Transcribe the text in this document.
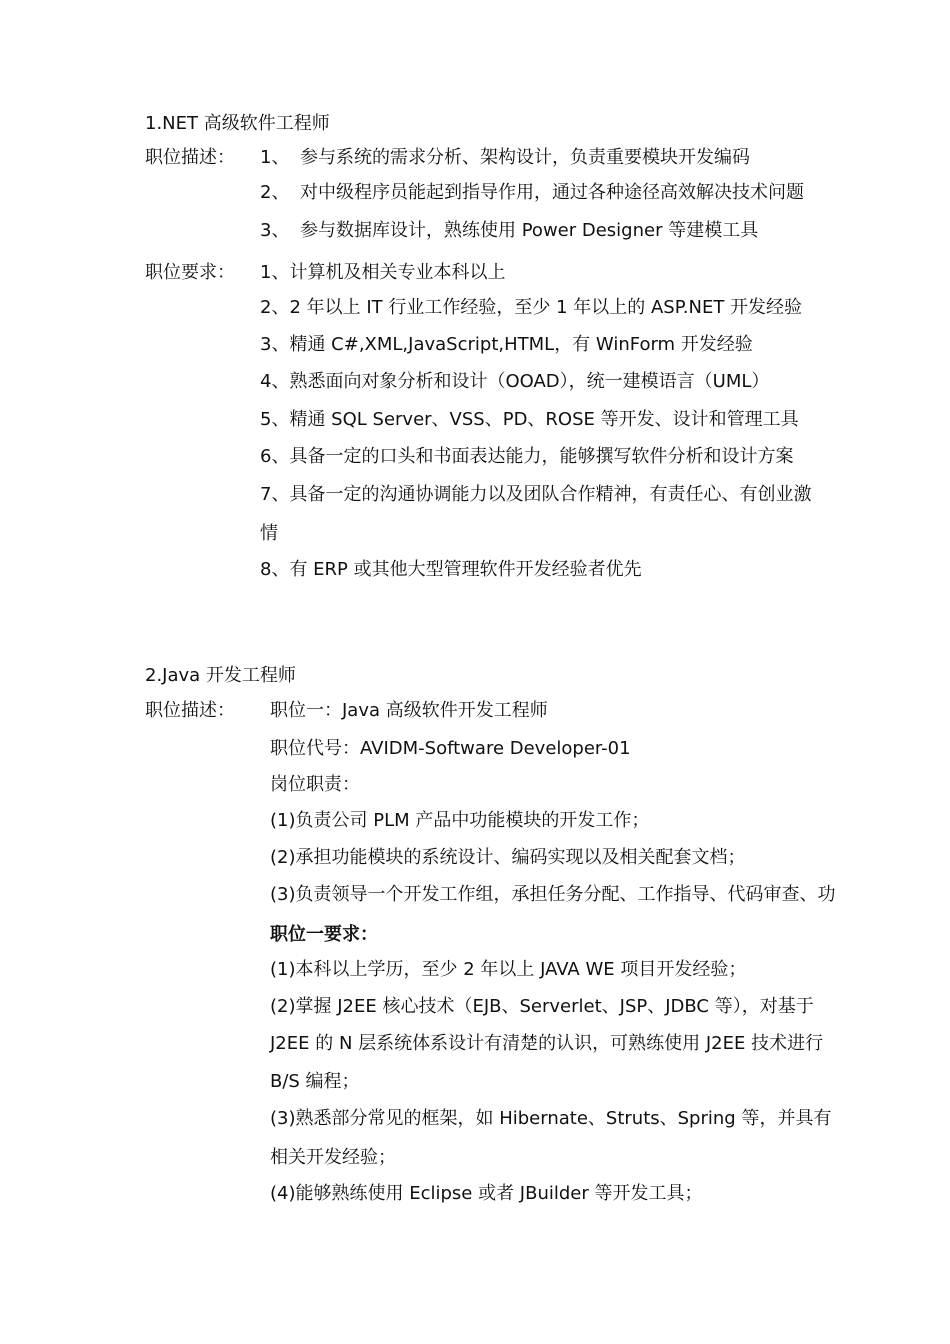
1.NET 高级软件工程师
职位描述： 1、 参与系统的需求分析、架构设计，负责重要模块开发编码
2、 对中级程序员能起到指导作用，通过各种途径高效解决技术问题
3、 参与数据库设计，熟练使用 Power Designer 等建模工具
职位要求： 1、计算机及相关专业本科以上
2、2 年以上 IT 行业工作经验，至少 1 年以上的 ASP.NET 开发经验
3、精通 C#,XML,JavaScript,HTML，有 WinForm 开发经验
4、熟悉面向对象分析和设计（OOAD），统一建模语言（UML）
5、精通 SQL Server、VSS、PD、ROSE 等开发、设计和管理工具
6、具备一定的口头和书面表达能力，能够撰写软件分析和设计方案
7、具备一定的沟通协调能力以及团队合作精神，有责任心、有创业激
情
8、有 ERP 或其他大型管理软件开发经验者优先
2.Java 开发工程师
职位描述： 职位一：Java 高级软件开发工程师
职位代号：AVIDM-Software Developer-01
岗位职责：
(1)负责公司 PLM 产品中功能模块的开发工作；
(2)承担功能模块的系统设计、编码实现以及相关配套文档；
(3)负责领导一个开发工作组，承担任务分配、工作指导、代码审查、功
职位一要求：
(1)本科以上学历，至少 2 年以上 JAVA WE 项目开发经验；
(2)掌握 J2EE 核心技术（EJB、Serverlet、JSP、JDBC 等），对基于
J2EE 的 N 层系统体系设计有清楚的认识，可熟练使用 J2EE 技术进行
B/S 编程；
(3)熟悉部分常见的框架，如 Hibernate、Struts、Spring 等，并具有
相关开发经验；
(4)能够熟练使用 Eclipse 或者 JBuilder 等开发工具；
